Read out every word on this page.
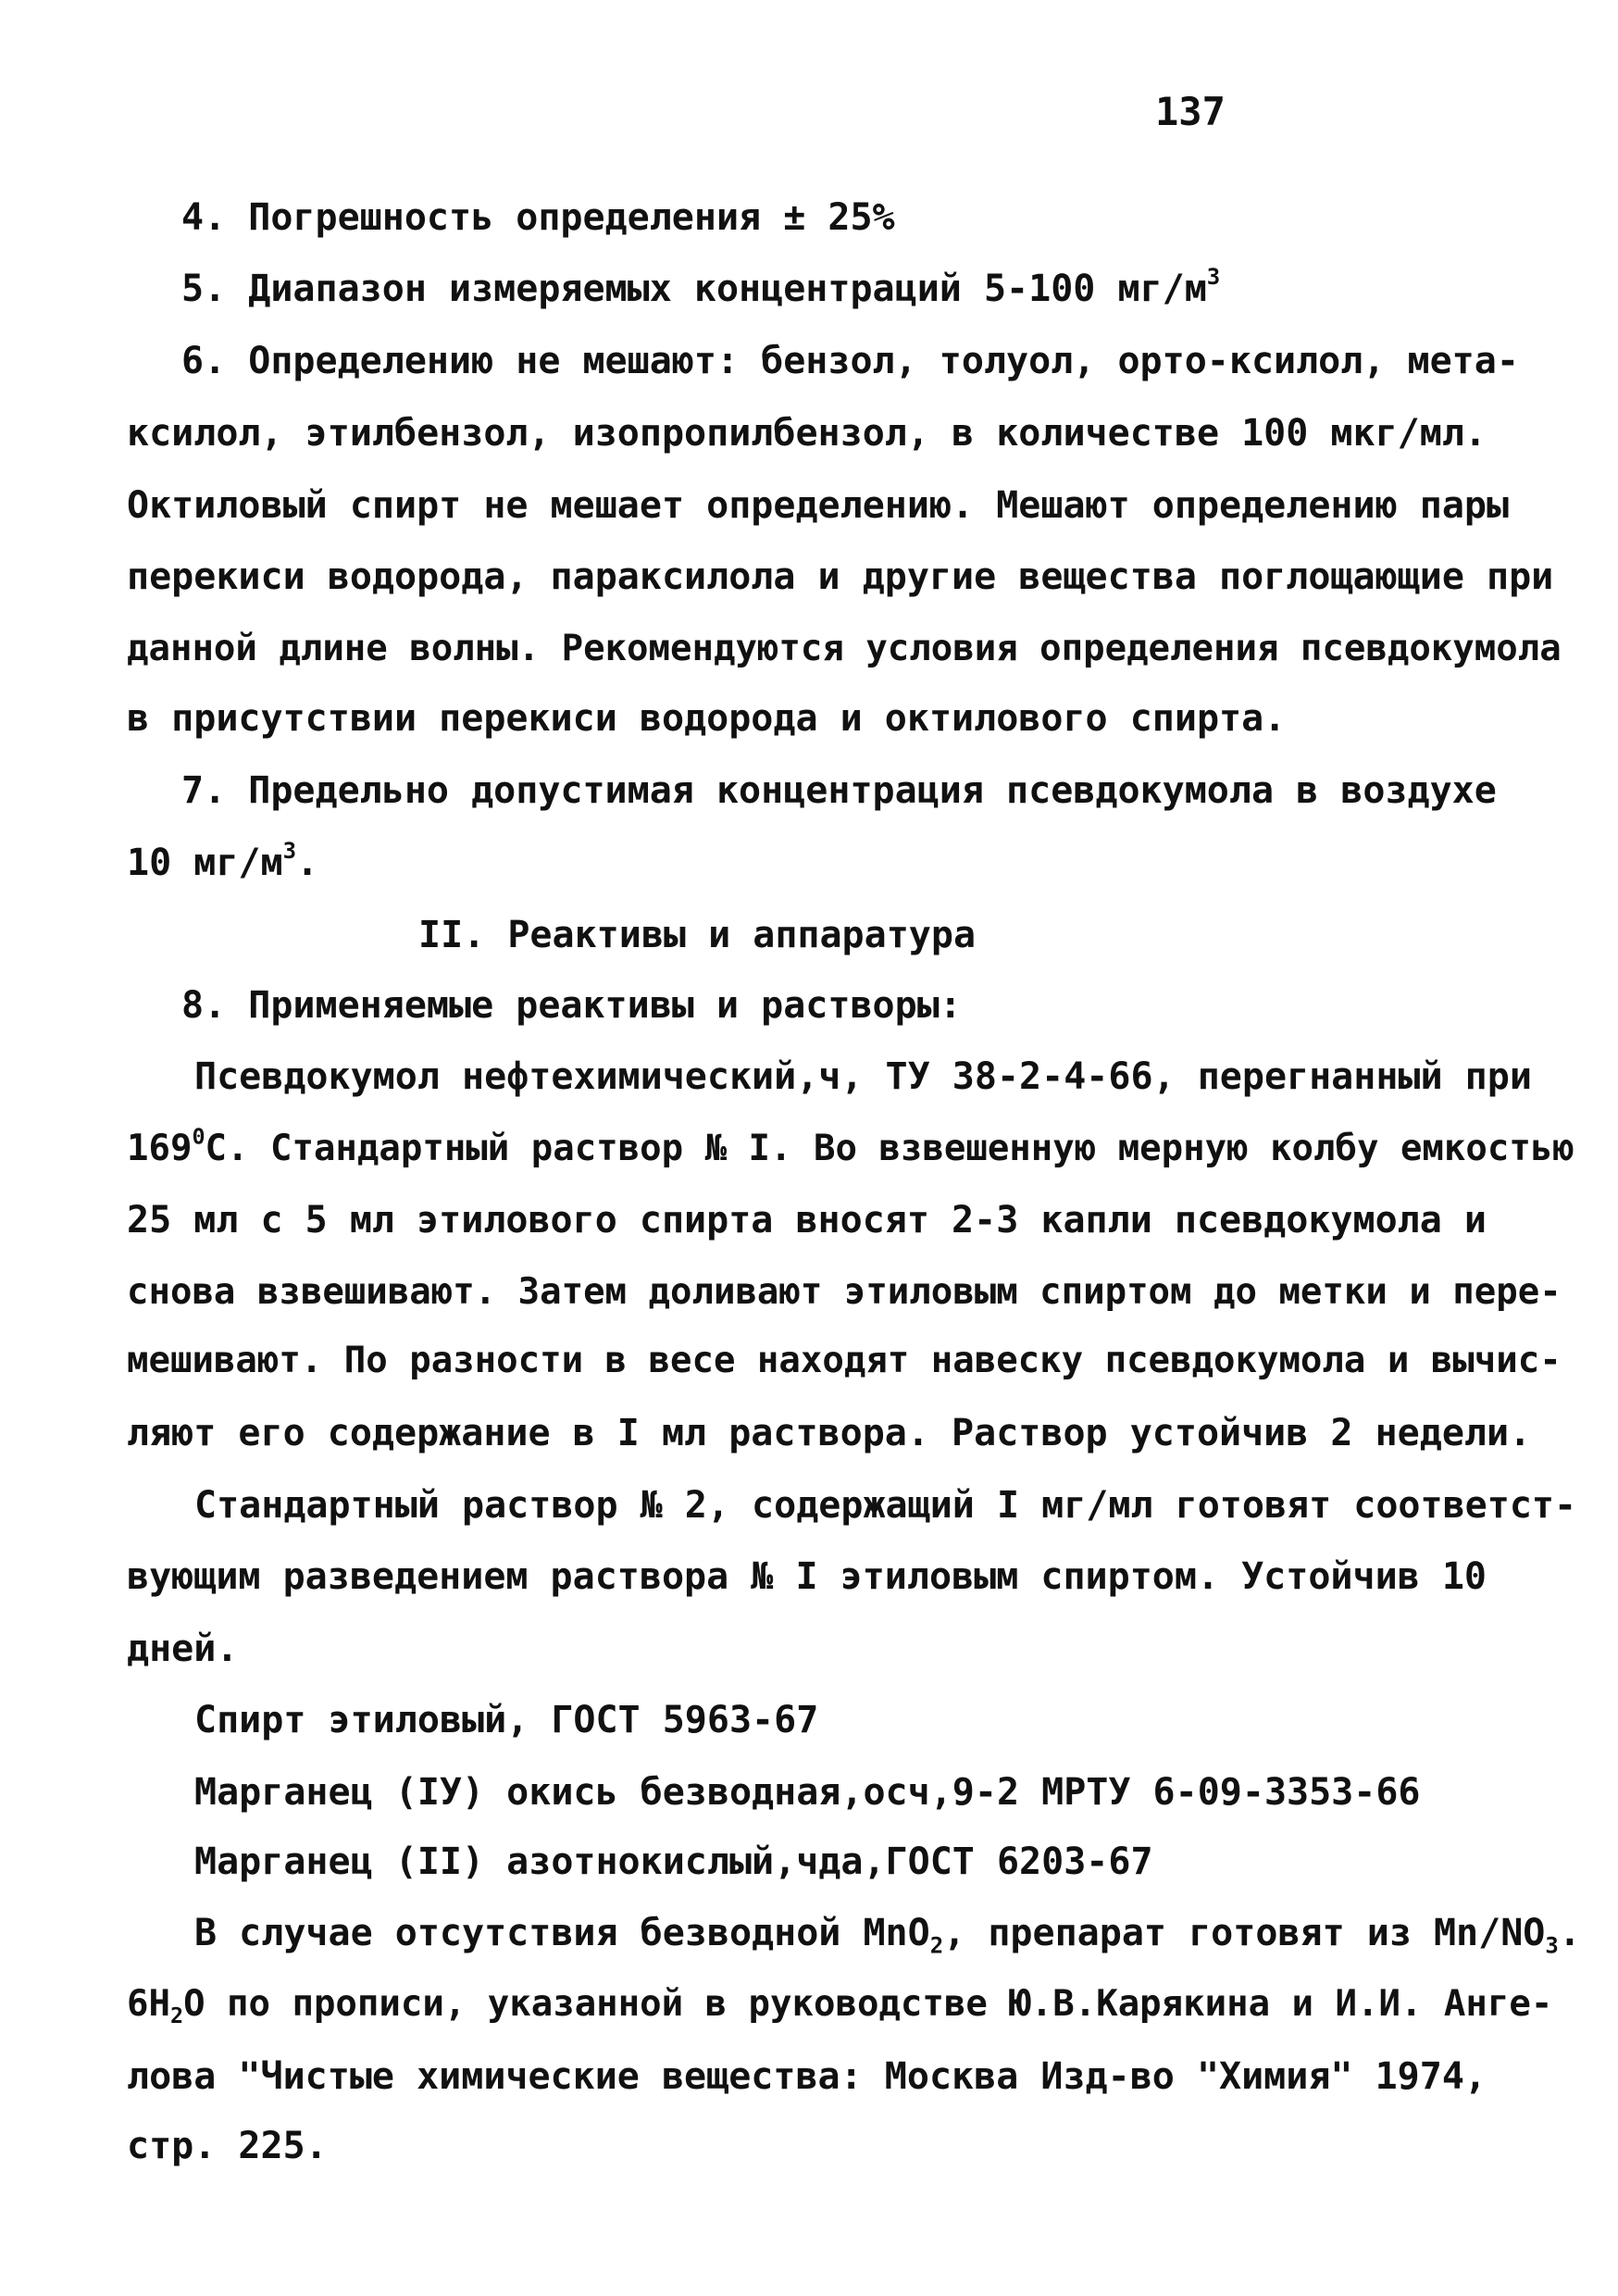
137
4. Погрешность определения ± 25%
5. Диапазон измеряемых концентраций 5-100 $мг/м^3$
6. Определению не мешают: бензол, толуол, орто-ксилол, мета-
ксилол, этилбензол, изопропилбензол, в количестве 100 мкг/мл.
Октиловый спирт не мешает определению. Мешают определению пары
перекиси водорода, параксилола и другие вещества поглощающие при
данной длине волны. Рекомендуются условия определения псевдокумола
в присутствии перекиси водорода и октилового спирта.
7. Предельно допустимая концентрация псевдокумола в воздухе
10 $мг/м^3$.
II. Реактивы и аппаратура
8. Применяемые реактивы и растворы:
Псевдокумол нефтехимический,ч, ТУ 38-2-4-66, перегнанный при
$169^0C$. Стандартный раствор № I. Во взвешенную мерную колбу емкостью
25 мл с 5 мл этилового спирта вносят 2-3 капли псевдокумола и
снова взвешивают. Затем доливают этиловым спиртом до метки и пере-
мешивают. По разности в весе находят навеску псевдокумола и вычис-
ляют его содержание в I мл раствора. Раствор устойчив 2 недели.
Стандартный раствор № 2, содержащий I мг/мл готовят соответст-
вующим разведением раствора № I этиловым спиртом. Устойчив 10
дней.
Спирт этиловый, ГОСТ 5963-67
Марганец (IУ) окись безводная,осч,9-2 МРТУ 6-09-3353-66
Марганец (II) азотнокислый,чда,ГОСТ 6203-67
В случае отсутствия безводной MnO$_2$, препарат готовят из $Mn/NO_3$.
$6H_2O$ по прописи, указанной в руководстве Ю.В.Карякина и И.И. Анге-
лова "Чистые химические вещества: Москва Изд-во "Химия" 1974,
стр. 225.
